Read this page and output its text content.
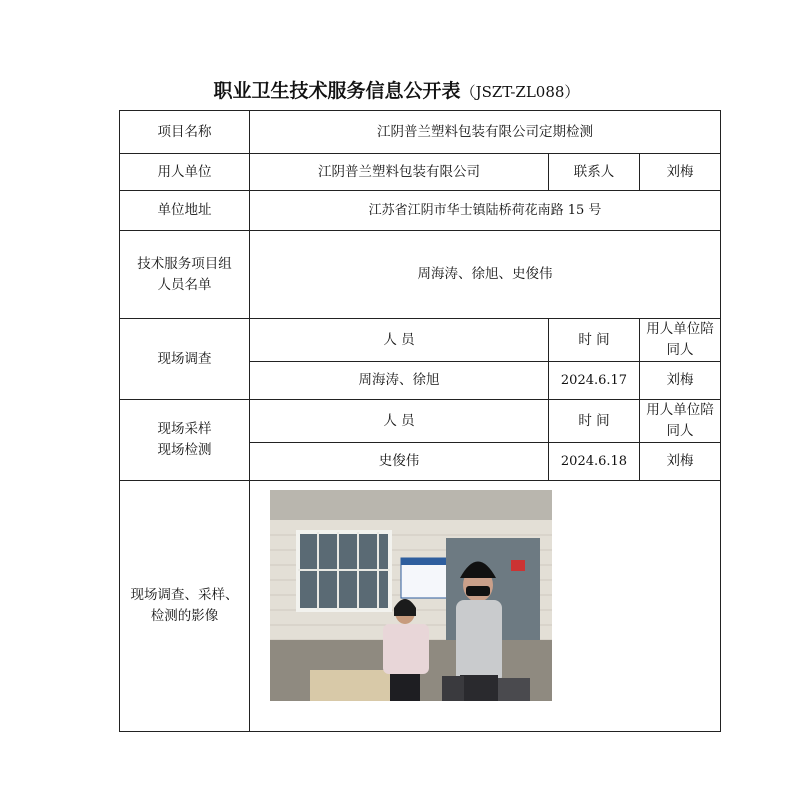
职业卫生技术服务信息公开表（JSZT-ZL088）
项目名称	江阴普兰塑料包装有限公司定期检测		
用人单位	江阴普兰塑料包装有限公司	联系人	刘梅
单位地址	江苏省江阴市华士镇陆桥荷花南路 15 号		
技术服务项目组
人员名单	周海涛、徐旭、史俊伟		
现场调查	人 员	时 间	用人单位陪同人
	周海涛、徐旭	2024.6.17	刘梅
现场采样
现场检测	人 员	时 间	用人单位陪同人
	史俊伟	2024.6.18	刘梅
现场调查、采样、
检测的影像	
